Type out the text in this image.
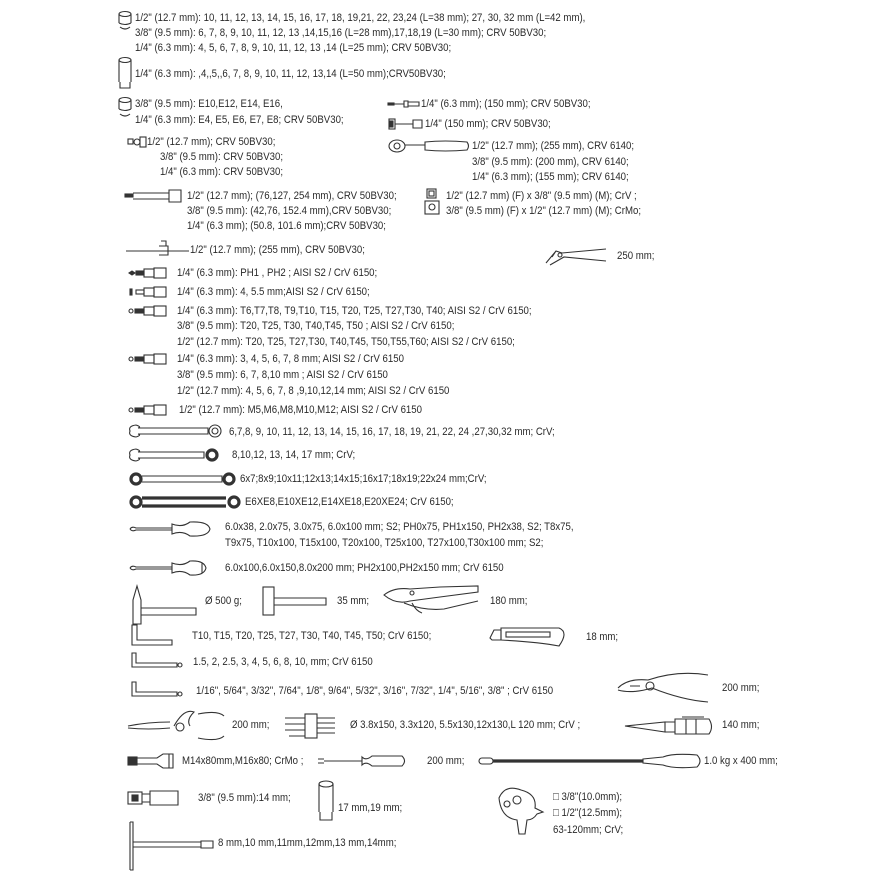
1/2" (12.7 mm): 10, 11, 12, 13, 14, 15, 16, 17, 18, 19,21, 22, 23,24 (L=38 mm); 27, 30, 32 mm (L=42 mm),
3/8" (9.5 mm): 6, 7, 8, 9, 10, 11, 12, 13 ,14,15,16 (L=28 mm),17,18,19 (L=30 mm); CRV 50BV30;
1/4" (6.3 mm): 4, 5, 6, 7, 8, 9, 10, 11, 12, 13 ,14 (L=25 mm); CRV 50BV30;
1/4" (6.3 mm): ,4,,5,,6, 7, 8, 9, 10, 11, 12, 13,14 (L=50 mm);CRV50BV30;
3/8" (9.5 mm): E10,E12, E14, E16,
1/4" (6.3 mm): E4, E5, E6, E7, E8; CRV 50BV30;
1/4" (6.3 mm); (150 mm); CRV 50BV30;
1/4" (150 mm); CRV 50BV30;
1/2" (12.7 mm); CRV 50BV30;
3/8" (9.5 mm): CRV 50BV30;
1/4" (6.3 mm): CRV 50BV30;
1/2" (12.7 mm); (255 mm), CRV 6140;
3/8" (9.5 mm): (200 mm), CRV 6140;
1/4" (6.3 mm); (155 mm); CRV 6140;
1/2" (12.7 mm); (76,127, 254 mm), CRV 50BV30;
3/8" (9.5 mm): (42,76, 152.4 mm),CRV 50BV30;
1/4" (6.3 mm); (50.8, 101.6 mm);CRV 50BV30;
1/2" (12.7 mm) (F) x 3/8" (9.5 mm) (M); CrV ;
3/8" (9.5 mm) (F) x 1/2" (12.7 mm) (M); CrMo;
1/2" (12.7 mm); (255 mm), CRV 50BV30;	250 mm;
1/4" (6.3 mm): PH1 , PH2 ; AISI S2 / CrV 6150;
1/4" (6.3 mm): 4, 5.5 mm;AISI S2 / CrV 6150;
1/4" (6.3 mm): T6,T7,T8, T9,T10, T15, T20, T25, T27,T30, T40; AISI S2 / CrV 6150;
3/8" (9.5 mm): T20, T25, T30, T40,T45, T50 ; AISI S2 / CrV 6150;
1/2" (12.7 mm): T20, T25, T27,T30, T40,T45, T50,T55,T60; AISI S2 / CrV 6150;
1/4" (6.3 mm): 3, 4, 5, 6, 7, 8 mm; AISI S2 / CrV 6150
3/8" (9.5 mm): 6, 7, 8,10 mm ; AISI S2 / CrV 6150
1/2" (12.7 mm): 4, 5, 6, 7, 8 ,9,10,12,14 mm; AISI S2 / CrV 6150
1/2" (12.7 mm): M5,M6,M8,M10,M12; AISI S2 / CrV 6150
6,7,8, 9, 10, 11, 12, 13, 14, 15, 16, 17, 18, 19, 21, 22, 24 ,27,30,32 mm; CrV;
8,10,12, 13, 14, 17 mm; CrV;
6x7;8x9;10x11;12x13;14x15;16x17;18x19;22x24 mm;CrV;
E6XE8,E10XE12,E14XE18,E20XE24; CrV 6150;
6.0x38, 2.0x75, 3.0x75, 6.0x100 mm; S2; PH0x75, PH1x150, PH2x38, S2; T8x75,
T9x75, T10x100, T15x100, T20x100, T25x100, T27x100,T30x100 mm; S2;
6.0x100,6.0x150,8.0x200 mm; PH2x100,PH2x150 mm; CrV 6150
Ø 500 g;	35 mm;	180 mm;
T10, T15, T20, T25, T27, T30, T40, T45, T50; CrV 6150;	18 mm;
1.5, 2, 2.5, 3, 4, 5, 6, 8, 10, mm; CrV 6150
1/16", 5/64", 3/32", 7/64", 1/8", 9/64", 5/32", 3/16", 7/32", 1/4", 5/16", 3/8" ; CrV 6150	200 mm;
200 mm;	Ø 3.8x150, 3.3x120, 5.5x130,12x130,L 120 mm; CrV ;	140 mm;
M14x80mm,M16x80; CrMo ;	200 mm;	1.0 kg x 400 mm;
3/8" (9.5 mm):14 mm;
17 mm,19 mm;
□ 3/8"(10.0mm);
□ 1/2"(12.5mm);
63-120mm; CrV;
8 mm,10 mm,11mm,12mm,13 mm,14mm;
